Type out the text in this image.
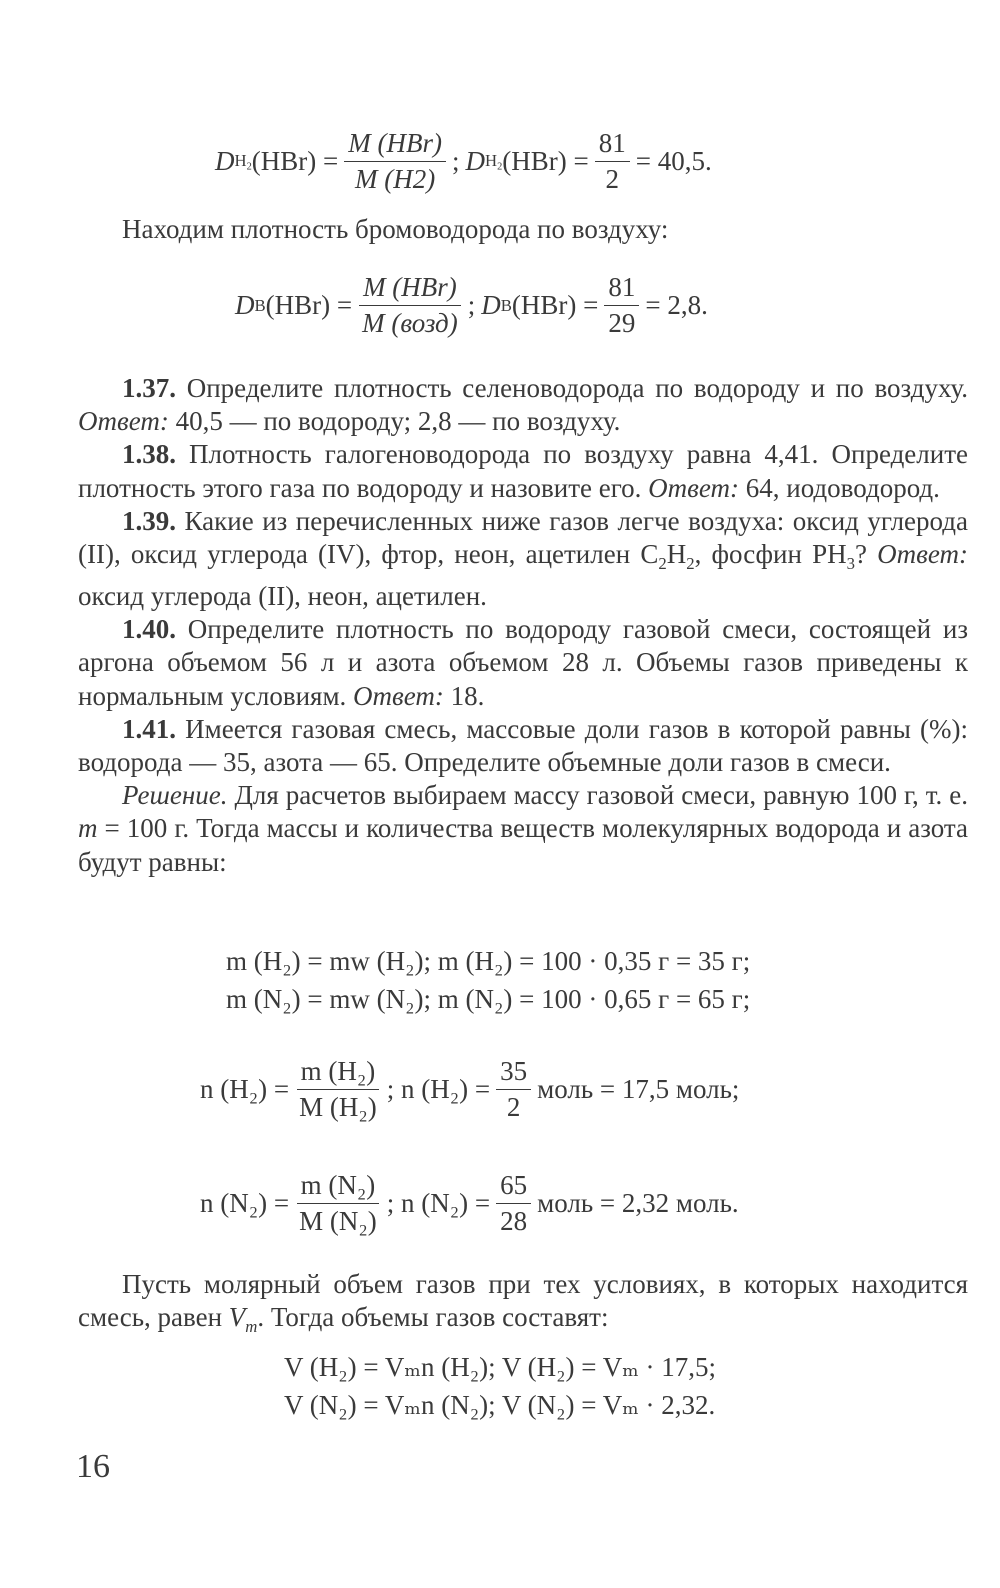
D $H_2$ $(HBr) = \frac{\text{M (HBr)}}{M (H2)}$ ; D $H_2$ $(HBr) = \frac{81}{2} = 40,5$.
Находим плотность бромоводорода по воздуху:
D B $(HBr) = \frac{\text{M (HBr)}}{\text{M (возд)}}$ ; D B $(HBr) = \frac{81}{29} = 2,8$.

1.37. Определите плотность селеноводорода по водороду и по воздуху. Ответ: 40,5 — по водороду; 2,8 — по воздуху.

1.38. Плотность галогеноводорода по воздуху равна 4,41. Определите плотность этого газа по водороду и назовите его. Ответ: 64, иодоводород.

1.39. Какие из перечисленных ниже газов легче воздуха: оксид углерода (II), оксид углерода (IV), фтор, неон, ацетилен $C_2H_2$, фосфин $PH_3$? Ответ: оксид углерода (II), неон, ацетилен.

1.40. Определите плотность по водороду газовой смеси, состоящей из аргона объемом 56 л и азота объемом 28 л. Объемы газов приведены к нормальным условиям. Ответ: 18.

1.41. Имеется газовая смесь, массовые доли газов в которой равны (%): водорода — 35, азота — 65. Определите объемные доли газов в смеси.

Решение. Для расчетов выбираем массу газовой смеси, равную 100 г, т. е. m = 100 г. Тогда массы и количества веществ молекулярных водорода и азота будут равны:

m (H₂) = mw (H₂); m (H₂) = 100 · 0,35 г = 35 г;
m (N₂) = mw (N₂); m (N₂) = 100 · 0,65 г = 65 г;
n $(H_2) = \frac{\text{m (H₂)}}{\text{M (H₂)}}$ ; n $(H_2) = \frac{35}{2}$ моль = 17,5 моль;
n $(N_2) = \frac{\text{m (N₂)}}{\text{M (N₂)}}$ ; n $(N_2) = \frac{65}{28}$ моль = 2,32 моль.

Пусть молярный объем газов при тех условиях, в которых находится смесь, равен $V_m$. Тогда объемы газов составят:

V (H₂) = Vₘn (H₂); V (H₂) = Vₘ · 17,5;
V (N₂) = Vₘn (N₂); V (N₂) = Vₘ · 2,32.
16
